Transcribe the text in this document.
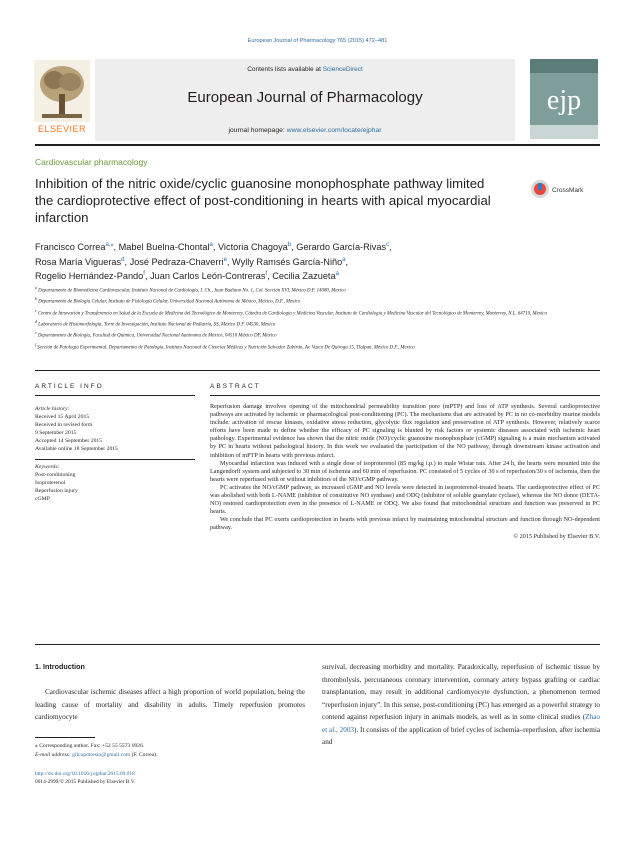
European Journal of Pharmacology 765 (2015) 472–481
Contents lists available at ScienceDirect
European Journal of Pharmacology
journal homepage: www.elsevier.com/locate/ejphar
ELSEVIER
ejp
Cardiovascular pharmacology
Inhibition of the nitric oxide/cyclic guanosine monophosphate pathway limited the cardioprotective effect of post-conditioning in hearts with apical myocardial infarction
CrossMark
Francisco Correa$^{a,⁎}$, Mabel Buelna-Chontal$^a$, Victoria Chagoya$^b$, Gerardo García-Rivas$^c$,
Rosa María Vigueras$^d$, José Pedraza-Chaverri$^e$, Wylly Ramsés García-Niño$^a$,
Rogelio Hernández-Pando$^f$, Juan Carlos León-Contreras$^f$, Cecilia Zazueta$^a$
$^a$ Departamento de Biomedicina Cardiovascular, Instituto Nacional de Cardiología, I. Ch., Juan Badiano No. 1, Col. Sección XVI, México D.F. 14080, Mexico
$^b$ Departamento de Biología Celular, Instituto de Fisiología Celular, Universidad Nacional Autónoma de México, México, D.F., Mexico
$^c$ Centro de Innovación y Transferencia en Salud de la Escuela de Medicina del Tecnológico de Monterrey, Cátedra de Cardiología y Medicina Vascular, Instituto de Cardiología y Medicina Vascular del Tecnológico de Monterrey, Monterrey, N.L. 64710, Mexico
$^d$ Laboratorio de Histomorfología, Torre de Investigación, Instituto Nacional de Pediatría, SS, México D.F. 04530, Mexico
$^e$ Departamento de Biología, Facultad de Química, Universidad Nacional Autónoma de México, 04510 México DF, Mexico
$^f$ Sección de Patología Experimental, Departamento de Patología, Instituto Nacional de Ciencias Médicas y Nutrición Salvador Zubirán, Av. Vasco De Quiroga 15, Tlalpan, México D.F., Mexico
ARTICLE INFO
Article history:
Received 15 April 2015
Received in revised form
9 September 2015
Accepted 14 September 2015
Available online 18 September 2015
Keywords:
Post-conditioning
Isoproterenol
Reperfusion injury
cGMP
ABSTRACT

Reperfusion damage involves opening of the mitochondrial permeability transition pore (mPTP) and loss of ATP synthesis. Several cardioprotective pathways are activated by ischemic or pharmacological post-conditioning (PC). The mechanisms that are activated by PC in no co-morbidity murine models include: activation of rescue kinases, oxidative stress reduction, glycolytic flux regulation and preservation of ATP synthesis. However, relatively scarce efforts have been made to define whether the efficacy of PC signaling is blunted by risk factors or systemic diseases associated with ischemic heart pathology. Experimental evidence has shown that the nitric oxide (NO)/cyclic guanosine monophosphate (cGMP) signaling is a main mechanism activated by PC in hearts without pathological history. In this work we evaluated the participation of the NO pathway, through downstream kinase activation and inhibition of mPTP in hearts with previous infarct.

Myocardial infarction was induced with a single dose of isoproterenol (85 mg/kg i.p.) to male Wistar rats. After 24 h, the hearts were mounted into the Langendorff system and subjected to 30 min of ischemia and 60 min of reperfusion. PC consisted of 5 cycles of 30 s of reperfusion/30 s of ischemia, then the hearts were reperfused with or without inhibitors of the NO/cGMP pathway.

PC activates the NO/cGMP pathway, as increased cGMP and NO levels were detected in isoproterenol-treated hearts. The cardioprotective effect of PC was abolished with both L-NAME (inhibitor of constitutive NO synthase) and ODQ (inhibitor of soluble guanylate cyclase), whereas the NO donor (DETA-NO) restored cardioprotection even in the presence of L-NAME or ODQ. We also found that mitochondrial structure and function was preserved in PC hearts.

We conclude that PC exerts cardioprotection in hearts with previous infarct by maintaining mitochondrial structure and function through NO-dependent pathway.

© 2015 Published by Elsevier B.V.

1. Introduction
Cardiovascular ischemic diseases affect a high proportion of world population, being the leading cause of mortality and disability in adults. Timely reperfusion promotes cardiomyocyte
survival, decreasing morbidity and mortality. Paradoxically, reperfusion of ischemic tissue by thrombolysis, percutaneous coronary intervention, coronary artery bypass grafting or cardiac transplantation, may result in additional cardiomyocyte dysfunction, a phenomenon termed “reperfusion injury”. In this sense, post-conditioning (PC) has emerged as a powerful strategy to contend against reperfusion injury in animals models, as well as in some clinical studies (Zhao et al., 2003). It consists of the application of brief cycles of ischemia–reperfusion, after ischemia and
⁎ Corresponding author. Fax: +52 55 5573 0926.
E-mail address: gilcopotresio@gmail.com (F. Correa).
http://dx.doi.org/10.1016/j.ejphar.2015.09.018
0014-2999/© 2015 Published by Elsevier B.V.
